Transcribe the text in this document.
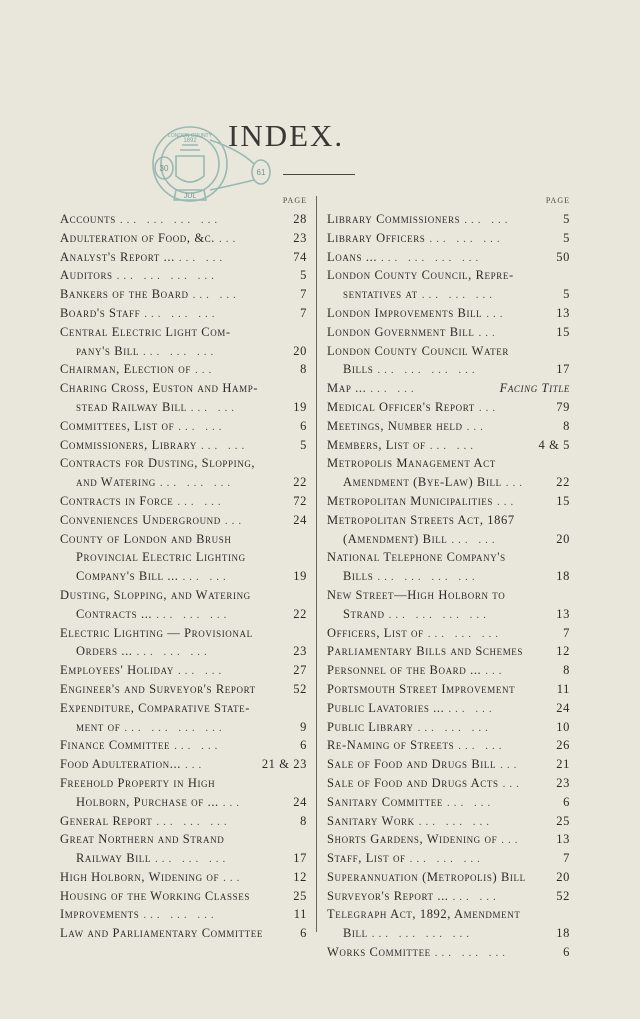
LONDON COUNTY
1892
30	61
JUL
INDEX.
PAGE
Accounts ... ... ... ...	28
Adulteration of Food, &c. ...	23
Analyst's Report ... ... ...	74
Auditors ... ... ... ...	5
Bankers of the Board ... ...	7
Board's Staff ... ... ...	7
Central Electric Light Com-
pany's Bill ... ... ...	20
Chairman, Election of ...	8
Charing Cross, Euston and Hamp-
stead Railway Bill ... ...	19
Committees, List of ... ...	6
Commissioners, Library ... ...	5
Contracts for Dusting, Slopping,
and Watering ... ... ...	22
Contracts in Force ... ...	72
Conveniences Underground ...	24
County of London and Brush
Provincial Electric Lighting
Company's Bill ... ... ...	19
Dusting, Slopping, and Watering
Contracts ... ... ... ...	22
Electric Lighting — Provisional
Orders ... ... ... ...	23
Employees' Holiday ... ...	27
Engineer's and Surveyor's Report	52
Expenditure, Comparative State-
ment of ... ... ... ...	9
Finance Committee ... ...	6
Food Adulteration... ...	21 & 23
Freehold Property in High
Holborn, Purchase of ... ...	24
General Report ... ... ...	8
Great Northern and Strand
Railway Bill ... ... ...	17
High Holborn, Widening of ...	12
Housing of the Working Classes	25
Improvements ... ... ...	11
Law and Parliamentary Committee	6
PAGE
Library Commissioners ... ...	5
Library Officers ... ... ...	5
Loans ... ... ... ... ...	50
London County Council, Repre-
sentatives at ... ... ...	5
London Improvements Bill ...	13
London Government Bill ...	15
London County Council Water
Bills ... ... ... ...	17
Map ... ... ...	Facing Title
Medical Officer's Report ...	79
Meetings, Number held ...	8
Members, List of ... ...	4 & 5
Metropolis Management Act
Amendment (Bye-Law) Bill ...	22
Metropolitan Municipalities ...	15
Metropolitan Streets Act, 1867
(Amendment) Bill ... ...	20
National Telephone Company's
Bills ... ... ... ...	18
New Street—High Holborn to
Strand ... ... ... ...	13
Officers, List of ... ... ...	7
Parliamentary Bills and Schemes	12
Personnel of the Board ... ...	8
Portsmouth Street Improvement	11
Public Lavatories ... ... ...	24
Public Library ... ... ...	10
Re-Naming of Streets ... ...	26
Sale of Food and Drugs Bill ...	21
Sale of Food and Drugs Acts ...	23
Sanitary Committee ... ...	6
Sanitary Work ... ... ...	25
Shorts Gardens, Widening of ...	13
Staff, List of ... ... ...	7
Superannuation (Metropolis) Bill 20
Surveyor's Report ... ... ...	52
Telegraph Act, 1892, Amendment
Bill ... ... ... ...	18
Works Committee ... ... ...	6
